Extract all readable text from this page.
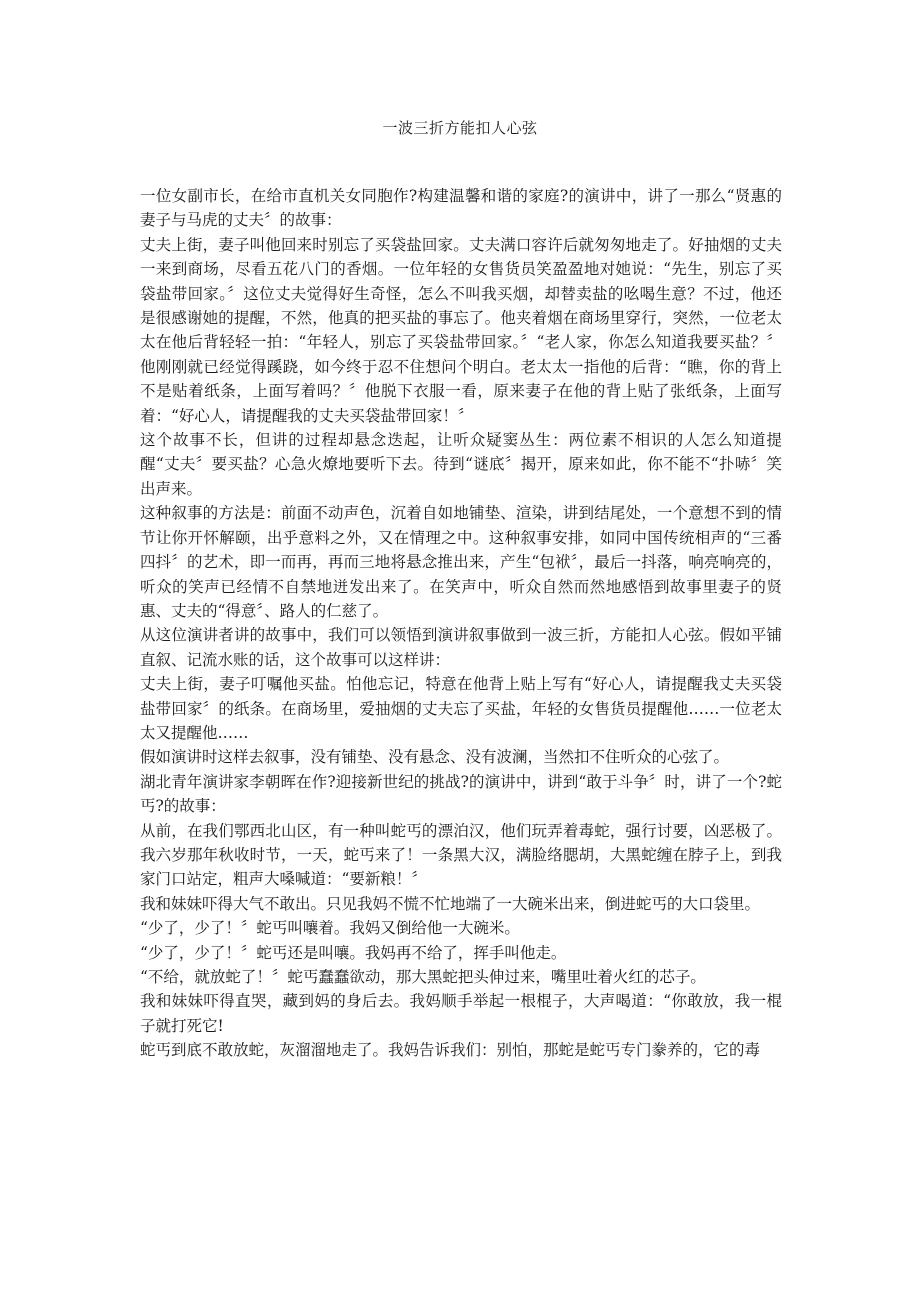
一波三折方能扣人心弦

一位女副市长，在给市直机关女同胞作?构建温馨和谐的家庭?的演讲中，讲了一那么“贤惠的妻子与马虎的丈夫〞的故事：

丈夫上街，妻子叫他回来时别忘了买袋盐回家。丈夫满口容许后就匆匆地走了。好抽烟的丈夫一来到商场，尽看五花八门的香烟。一位年轻的女售货员笑盈盈地对她说：“先生，别忘了买袋盐带回家。〞这位丈夫觉得好生奇怪，怎么不叫我买烟，却替卖盐的吆喝生意？不过，他还是很感谢她的提醒，不然，他真的把买盐的事忘了。他夹着烟在商场里穿行，突然，一位老太太在他后背轻轻一拍：“年轻人，别忘了买袋盐带回家。〞“老人家，你怎么知道我要买盐？〞他刚刚就已经觉得蹊跷，如今终于忍不住想问个明白。老太太一指他的后背：“瞧，你的背上不是贴着纸条，上面写着吗？〞他脱下衣服一看，原来妻子在他的背上贴了张纸条，上面写着：“好心人，请提醒我的丈夫买袋盐带回家！〞

这个故事不长，但讲的过程却悬念迭起，让听众疑窦丛生：两位素不相识的人怎么知道提醒“丈夫〞要买盐？心急火燎地要听下去。待到“谜底〞揭开，原来如此，你不能不“扑哧〞笑出声来。

这种叙事的方法是：前面不动声色，沉着自如地铺垫、渲染，讲到结尾处，一个意想不到的情节让你开怀解颐，出乎意料之外，又在情理之中。这种叙事安排，如同中国传统相声的“三番四抖〞的艺术，即一而再，再而三地将悬念推出来，产生“包袱〞，最后一抖落，响亮响亮的，听众的笑声已经情不自禁地迸发出来了。在笑声中，听众自然而然地感悟到故事里妻子的贤惠、丈夫的“得意〞、路人的仁慈了。

从这位演讲者讲的故事中，我们可以领悟到演讲叙事做到一波三折，方能扣人心弦。假如平铺直叙、记流水账的话，这个故事可以这样讲：

丈夫上街，妻子叮嘱他买盐。怕他忘记，特意在他背上贴上写有“好心人，请提醒我丈夫买袋盐带回家〞的纸条。在商场里，爱抽烟的丈夫忘了买盐，年轻的女售货员提醒他……一位老太太又提醒他……

假如演讲时这样去叙事，没有铺垫、没有悬念、没有波澜，当然扣不住听众的心弦了。

湖北青年演讲家李朝晖在作?迎接新世纪的挑战?的演讲中，讲到“敢于斗争〞时，讲了一个?蛇丐?的故事：

从前，在我们鄂西北山区，有一种叫蛇丐的漂泊汉，他们玩弄着毒蛇，强行讨要，凶恶极了。我六岁那年秋收时节，一天，蛇丐来了！一条黑大汉，满脸络腮胡，大黑蛇缠在脖子上，到我家门口站定，粗声大嗓喊道：“要新粮！〞

我和妹妹吓得大气不敢出。只见我妈不慌不忙地端了一大碗米出来，倒进蛇丐的大口袋里。

“少了，少了！〞蛇丐叫嚷着。我妈又倒给他一大碗米。

“少了，少了！〞蛇丐还是叫嚷。我妈再不给了，挥手叫他走。

“不给，就放蛇了！〞蛇丐蠢蠢欲动，那大黑蛇把头伸过来，嘴里吐着火红的芯子。

我和妹妹吓得直哭，藏到妈的身后去。我妈顺手举起一根棍子，大声喝道：“你敢放，我一棍子就打死它!

蛇丐到底不敢放蛇，灰溜溜地走了。我妈告诉我们：别怕，那蛇是蛇丐专门豢养的，它的毒
